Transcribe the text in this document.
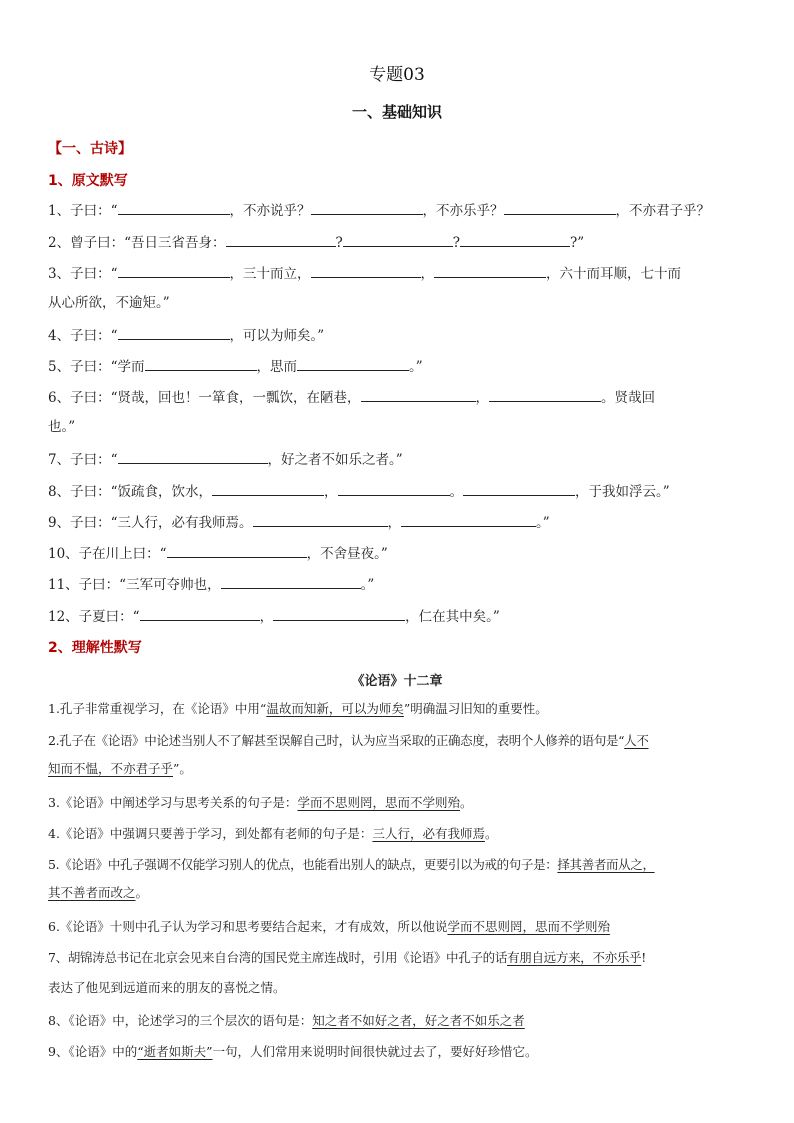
专题03
一、基础知识
【一、古诗】
1、原文默写
1、子曰：“	，不亦说乎？	，不亦乐乎？	，不亦君子乎？
2、曾子曰：“吾日三省吾身：	?	?	?”
3、子曰：“	，三十而立，	，	，六十而耳顺，七十而
从心所欲，不逾矩。”
4、子曰：“	，可以为师矣。”
5、子曰：“学而	，思而	。”
6、子曰：“贤哉，回也！一箪食，一瓢饮，在陋巷，	，	。贤哉回
也。”
7、子曰：“	，好之者不如乐之者。”
8、子曰：“饭疏食，饮水，	，	。	，于我如浮云。”
9、子曰：“三人行，必有我师焉。	，	。”
10、子在川上曰：“	，不舍昼夜。”
11、子曰：“三军可夺帅也，	。”
12、子夏曰：“	，	，仁在其中矣。”
2、理解性默写
《论语》十二章
1.孔子非常重视学习，在《论语》中用“温故而知新，可以为师矣”明确温习旧知的重要性。
2.孔子在《论语》中论述当别人不了解甚至误解自己时，认为应当采取的正确态度，表明个人修养的语句是“人不
知而不愠，不亦君子乎”。
3.《论语》中阐述学习与思考关系的句子是：学而不思则罔，思而不学则殆。
4.《论语》中强调只要善于学习，到处都有老师的句子是：三人行，必有我师焉。
5.《论语》中孔子强调不仅能学习别人的优点，也能看出别人的缺点，更要引以为戒的句子是：择其善者而从之，
其不善者而改之。
6.《论语》十则中孔子认为学习和思考要结合起来，才有成效，所以他说学而不思则罔，思而不学则殆
7、胡锦涛总书记在北京会见来自台湾的国民党主席连战时，引用《论语》中孔子的话有朋自远方来，不亦乐乎!
表达了他见到远道而来的朋友的喜悦之情。
8、《论语》中，论述学习的三个层次的语句是：知之者不如好之者，好之者不如乐之者
9、《论语》中的“逝者如斯夫”一句，人们常用来说明时间很快就过去了，要好好珍惜它。
